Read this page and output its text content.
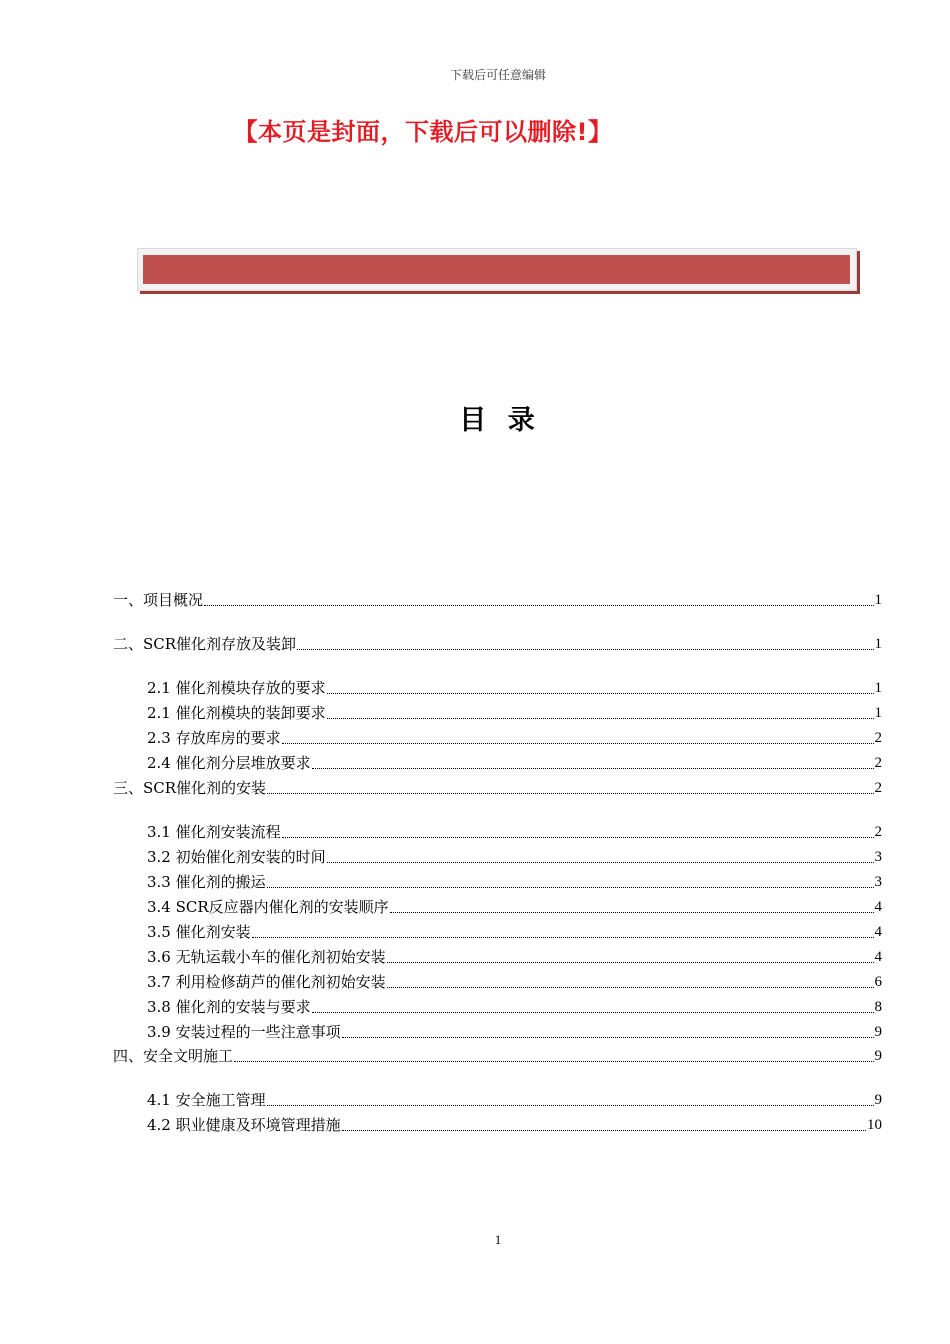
下载后可任意编辑
【本页是封面，下载后可以删除!】
目 录
一、项目概况	1
二、SCR催化剂存放及装卸	1
2.1 催化剂模块存放的要求	1
2.1 催化剂模块的装卸要求	1
2.3 存放库房的要求	2
2.4 催化剂分层堆放要求	2
三、SCR催化剂的安装	2
3.1 催化剂安装流程	2
3.2 初始催化剂安装的时间	3
3.3 催化剂的搬运	3
3.4 SCR反应器内催化剂的安装顺序	4
3.5 催化剂安装	4
3.6 无轨运载小车的催化剂初始安装	4
3.7 利用检修葫芦的催化剂初始安装	6
3.8 催化剂的安装与要求	8
3.9 安装过程的一些注意事项	9
四、安全文明施工	9
4.1 安全施工管理	9
4.2 职业健康及环境管理措施	10
1
